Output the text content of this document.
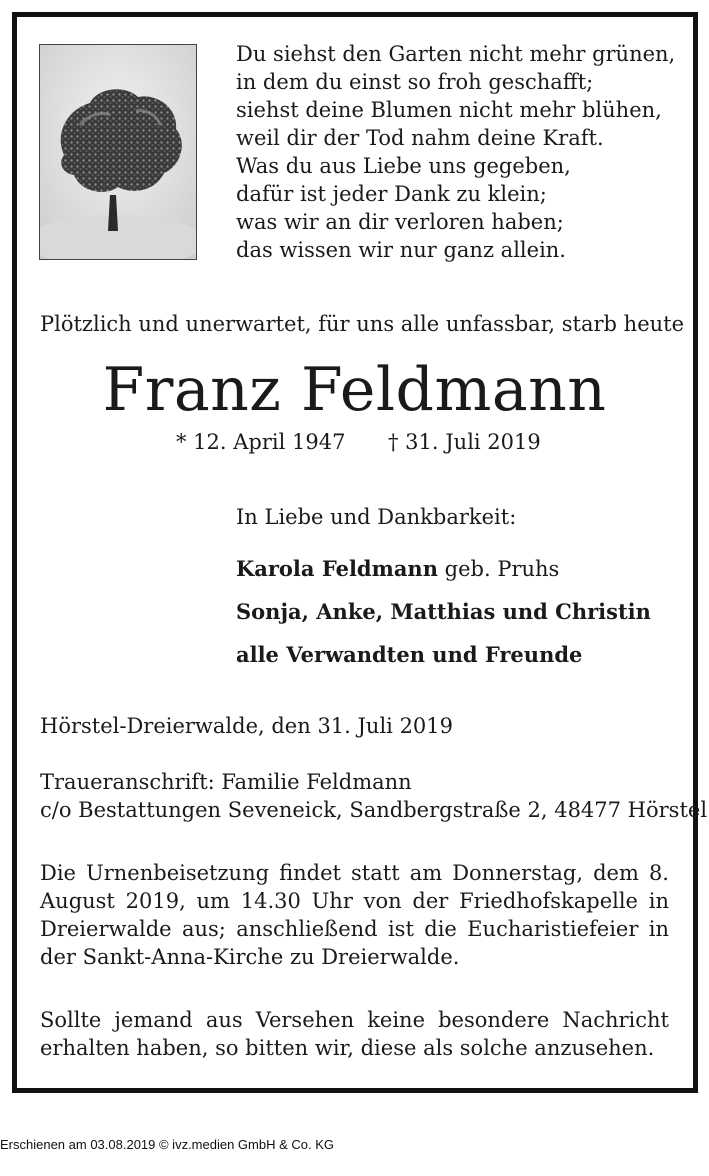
Du siehst den Garten nicht mehr grünen,
in dem du einst so froh geschafft;
siehst deine Blumen nicht mehr blühen,
weil dir der Tod nahm deine Kraft.
Was du aus Liebe uns gegeben,
dafür ist jeder Dank zu klein;
was wir an dir verloren haben;
das wissen wir nur ganz allein.
Plötzlich und unerwartet, für uns alle unfassbar, starb heute
Franz Feldmann
* 12. April 1947 † 31. Juli 2019
In Liebe und Dankbarkeit:
Karola Feldmann geb. Pruhs
Sonja, Anke, Matthias und Christin
alle Verwandten und Freunde
Hörstel-Dreierwalde, den 31. Juli 2019
Traueranschrift: Familie Feldmann
c/o Bestattungen Seveneick, Sandbergstraße 2, 48477 Hörstel
Die Urnenbeisetzung findet statt am Donnerstag, dem 8. August 2019, um 14.30 Uhr von der Friedhofskapelle in Dreierwalde aus; anschließend ist die Eucharistiefeier in der Sankt-Anna-Kirche zu Dreierwalde.
Sollte jemand aus Versehen keine besondere Nachricht erhalten haben, so bitten wir, diese als solche anzusehen.
Erschienen am 03.08.2019 © ivz.medien GmbH & Co. KG
